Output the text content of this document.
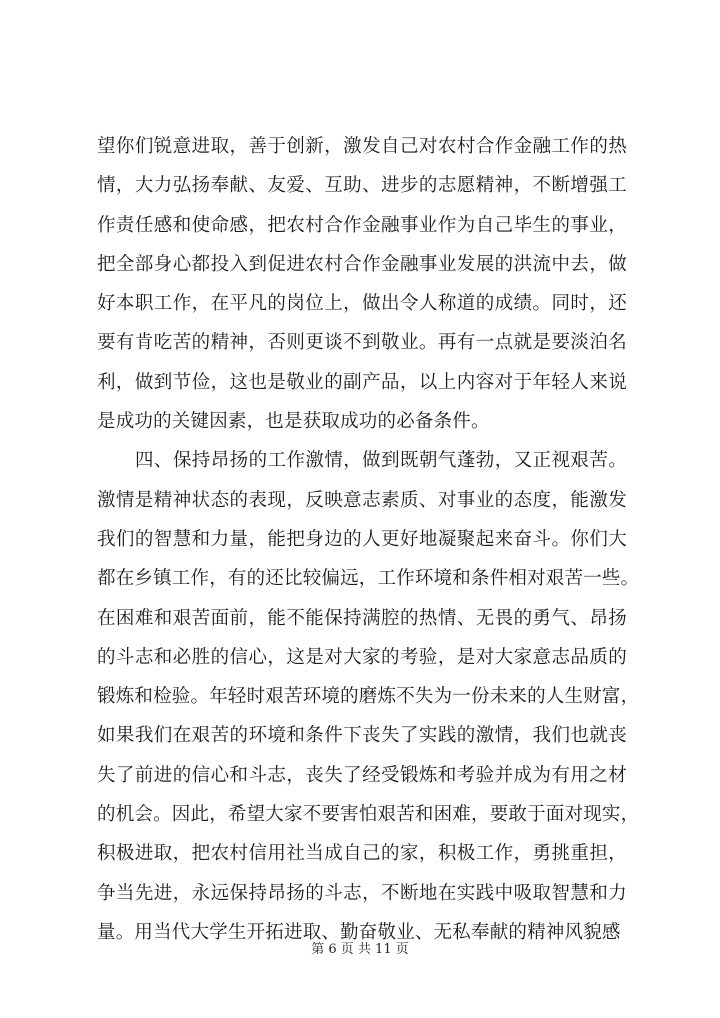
望你们锐意进取，善于创新，激发自己对农村合作金融工作的热
情，大力弘扬奉献、友爱、互助、进步的志愿精神，不断增强工
作责任感和使命感，把农村合作金融事业作为自己毕生的事业，
把全部身心都投入到促进农村合作金融事业发展的洪流中去，做
好本职工作，在平凡的岗位上，做出令人称道的成绩。同时，还
要有肯吃苦的精神，否则更谈不到敬业。再有一点就是要淡泊名
利，做到节俭，这也是敬业的副产品，以上内容对于年轻人来说
是成功的关键因素，也是获取成功的必备条件。
四、保持昂扬的工作激情，做到既朝气蓬勃，又正视艰苦。
激情是精神状态的表现，反映意志素质、对事业的态度，能激发
我们的智慧和力量，能把身边的人更好地凝聚起来奋斗。你们大
都在乡镇工作，有的还比较偏远，工作环境和条件相对艰苦一些。
在困难和艰苦面前，能不能保持满腔的热情、无畏的勇气、昂扬
的斗志和必胜的信心，这是对大家的考验，是对大家意志品质的
锻炼和检验。年轻时艰苦环境的磨炼不失为一份未来的人生财富，
如果我们在艰苦的环境和条件下丧失了实践的激情，我们也就丧
失了前进的信心和斗志，丧失了经受锻炼和考验并成为有用之材
的机会。因此，希望大家不要害怕艰苦和困难，要敢于面对现实，
积极进取，把农村信用社当成自己的家，积极工作，勇挑重担，
争当先进，永远保持昂扬的斗志，不断地在实践中吸取智慧和力
量。用当代大学生开拓进取、勤奋敬业、无私奉献的精神风貌感
第 6 页 共 11 页
